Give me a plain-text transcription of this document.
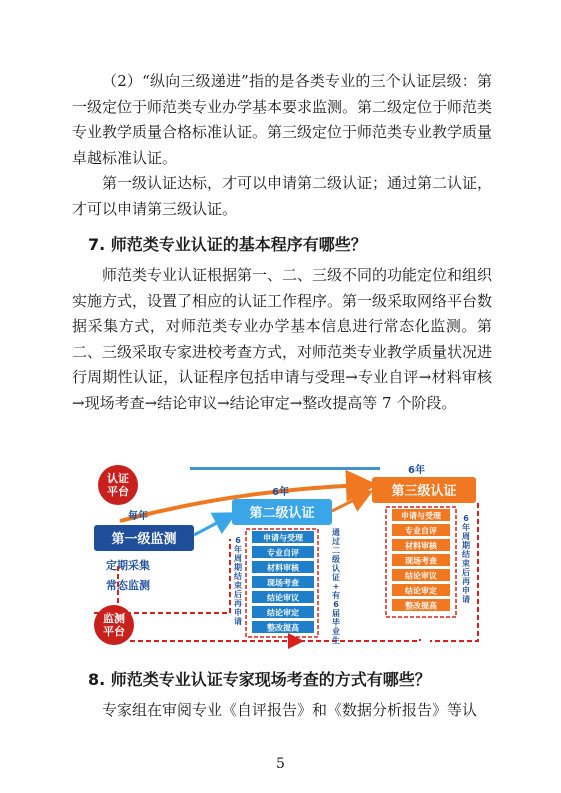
（2）“纵向三级递进”指的是各类专业的三个认证层级：第一级定位于师范类专业办学基本要求监测。第二级定位于师范类专业教学质量合格标准认证。第三级定位于师范类专业教学质量卓越标准认证。

第一级认证达标，才可以申请第二级认证；通过第二认证，才可以申请第三级认证。

7. 师范类专业认证的基本程序有哪些？

师范类专业认证根据第一、二、三级不同的功能定位和组织实施方式，设置了相应的认证工作程序。第一级采取网络平台数据采集方式，对师范类专业办学基本信息进行常态化监测。第二、三级采取专家进校考查方式，对师范类专业教学质量状况进行周期性认证，认证程序包括申请与受理→专业自评→材料审核→现场考查→结论审议→结论审定→整改提高等 7 个阶段。

认证
平台
监测
平台
每年
第一级监测
定期采集
常态监测
6年
第二级认证
6年
第三级认证
申请与受理
专业自评
材料审核
现场考查
结论审议
结论审定
整改提高
6
年
周
期
结
束
后
再
申
请
通
过
二
级
认
证
+
有
6
届
毕
业
生
申请与受理
专业自评
材料审核
现场考查
结论审议
结论审定
整改提高
6
年
周
期
结
束
后
再
申
请

8. 师范类专业认证专家现场考查的方式有哪些？

专家组在审阅专业《自评报告》和《数据分析报告》等认

5
